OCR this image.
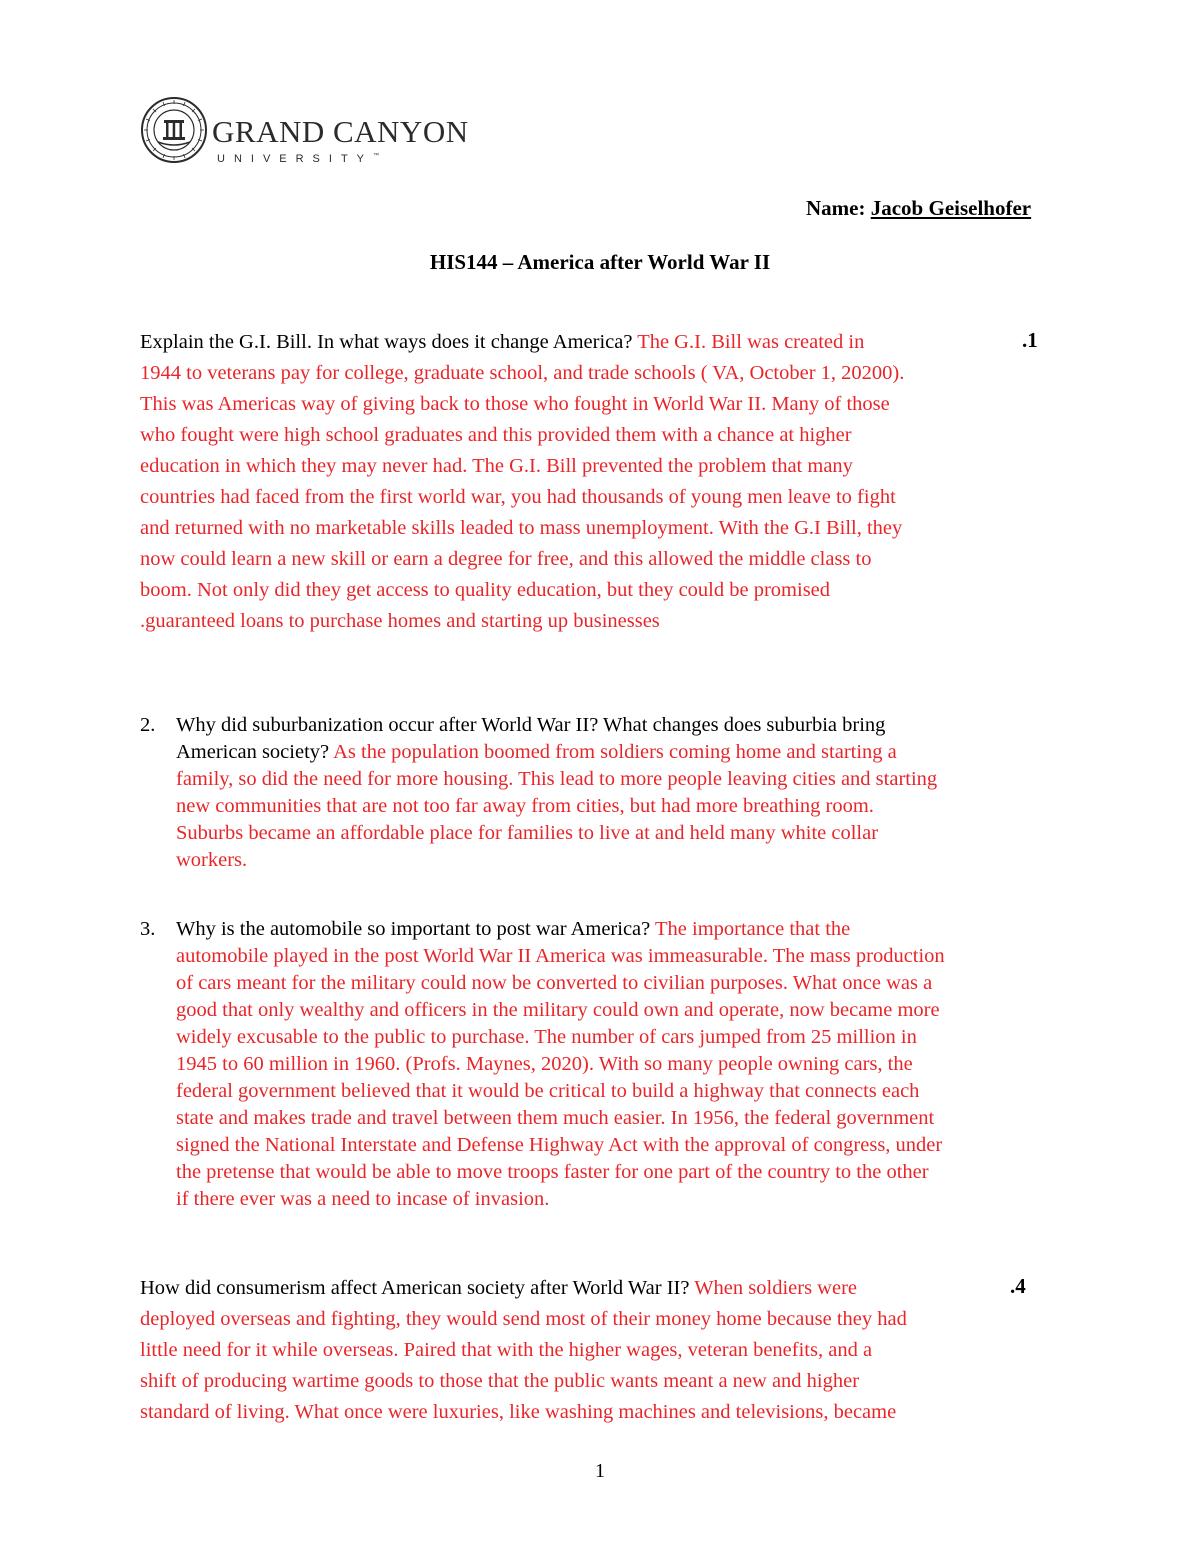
GRAND CANYON
UNIVERSITY™
Name: Jacob Geiselhofer
HIS144 – America after World War II
Explain the G.I. Bill. In what ways does it change America? The G.I. Bill was created in
1944 to veterans pay for college, graduate school, and trade schools ( VA, October 1, 20200).
This was Americas way of giving back to those who fought in World War II. Many of those
who fought were high school graduates and this provided them with a chance at higher
education in which they may never had. The G.I. Bill prevented the problem that many
countries had faced from the first world war, you had thousands of young men leave to fight
and returned with no marketable skills leaded to mass unemployment. With the G.I Bill, they
now could learn a new skill or earn a degree for free, and this allowed the middle class to
boom. Not only did they get access to quality education, but they could be promised
.guaranteed loans to purchase homes and starting up businesses
.1
2. Why did suburbanization occur after World War II? What changes does suburbia bring
American society? As the population boomed from soldiers coming home and starting a
family, so did the need for more housing. This lead to more people leaving cities and starting
new communities that are not too far away from cities, but had more breathing room.
Suburbs became an affordable place for families to live at and held many white collar
workers.
3. Why is the automobile so important to post war America? The importance that the
automobile played in the post World War II America was immeasurable. The mass production
of cars meant for the military could now be converted to civilian purposes. What once was a
good that only wealthy and officers in the military could own and operate, now became more
widely excusable to the public to purchase. The number of cars jumped from 25 million in
1945 to 60 million in 1960. (Profs. Maynes, 2020). With so many people owning cars, the
federal government believed that it would be critical to build a highway that connects each
state and makes trade and travel between them much easier. In 1956, the federal government
signed the National Interstate and Defense Highway Act with the approval of congress, under
the pretense that would be able to move troops faster for one part of the country to the other
if there ever was a need to incase of invasion.
How did consumerism affect American society after World War II? When soldiers were
deployed overseas and fighting, they would send most of their money home because they had
little need for it while overseas. Paired that with the higher wages, veteran benefits, and a
shift of producing wartime goods to those that the public wants meant a new and higher
standard of living. What once were luxuries, like washing machines and televisions, became
.4
1
